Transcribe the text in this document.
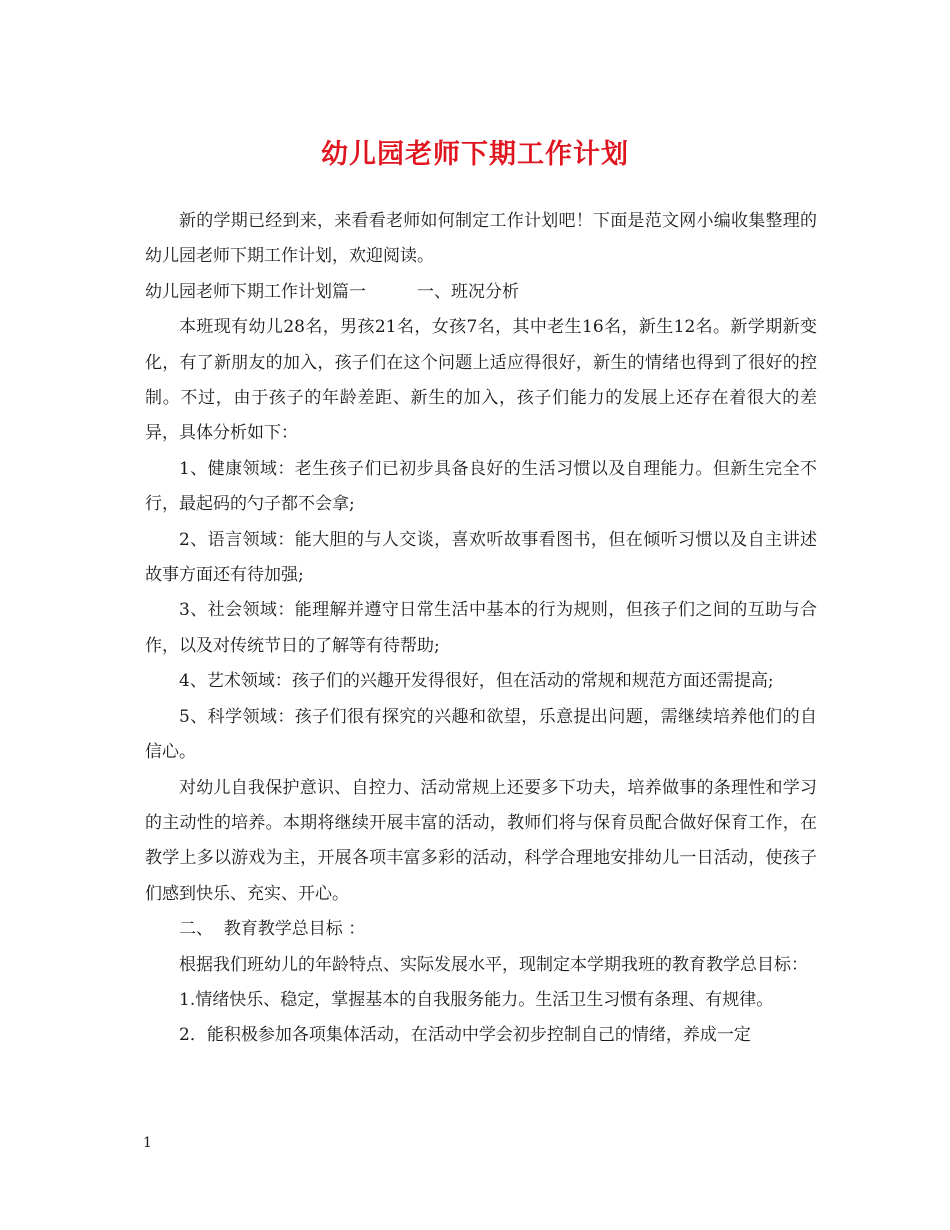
幼儿园老师下期工作计划

新的学期已经到来，来看看老师如何制定工作计划吧！下面是范文网小编收集整理的幼儿园老师下期工作计划，欢迎阅读。

幼儿园老师下期工作计划篇一	一、班况分析

本班现有幼儿28名，男孩21名，女孩7名，其中老生16名，新生12名。新学期新变化，有了新朋友的加入，孩子们在这个问题上适应得很好，新生的情绪也得到了很好的控制。不过，由于孩子的年龄差距、新生的加入，孩子们能力的发展上还存在着很大的差异，具体分析如下：

1、健康领域：老生孩子们已初步具备良好的生活习惯以及自理能力。但新生完全不行，最起码的勺子都不会拿;

2、语言领域：能大胆的与人交谈，喜欢听故事看图书，但在倾听习惯以及自主讲述故事方面还有待加强;

3、社会领域：能理解并遵守日常生活中基本的行为规则，但孩子们之间的互助与合作，以及对传统节日的了解等有待帮助;

4、艺术领域：孩子们的兴趣开发得很好，但在活动的常规和规范方面还需提高;

5、科学领域：孩子们很有探究的兴趣和欲望，乐意提出问题，需继续培养他们的自信心。

对幼儿自我保护意识、自控力、活动常规上还要多下功夫，培养做事的条理性和学习的主动性的培养。本期将继续开展丰富的活动，教师们将与保育员配合做好保育工作，在教学上多以游戏为主，开展各项丰富多彩的活动，科学合理地安排幼儿一日活动，使孩子们感到快乐、充实、开心。

二、  教育教学总目标 ：

根据我们班幼儿的年龄特点、实际发展水平，现制定本学期我班的教育教学总目标：

1.情绪快乐、稳定，掌握基本的自我服务能力。生活卫生习惯有条理、有规律。

2．能积极参加各项集体活动，在活动中学会初步控制自己的情绪，养成一定

1
